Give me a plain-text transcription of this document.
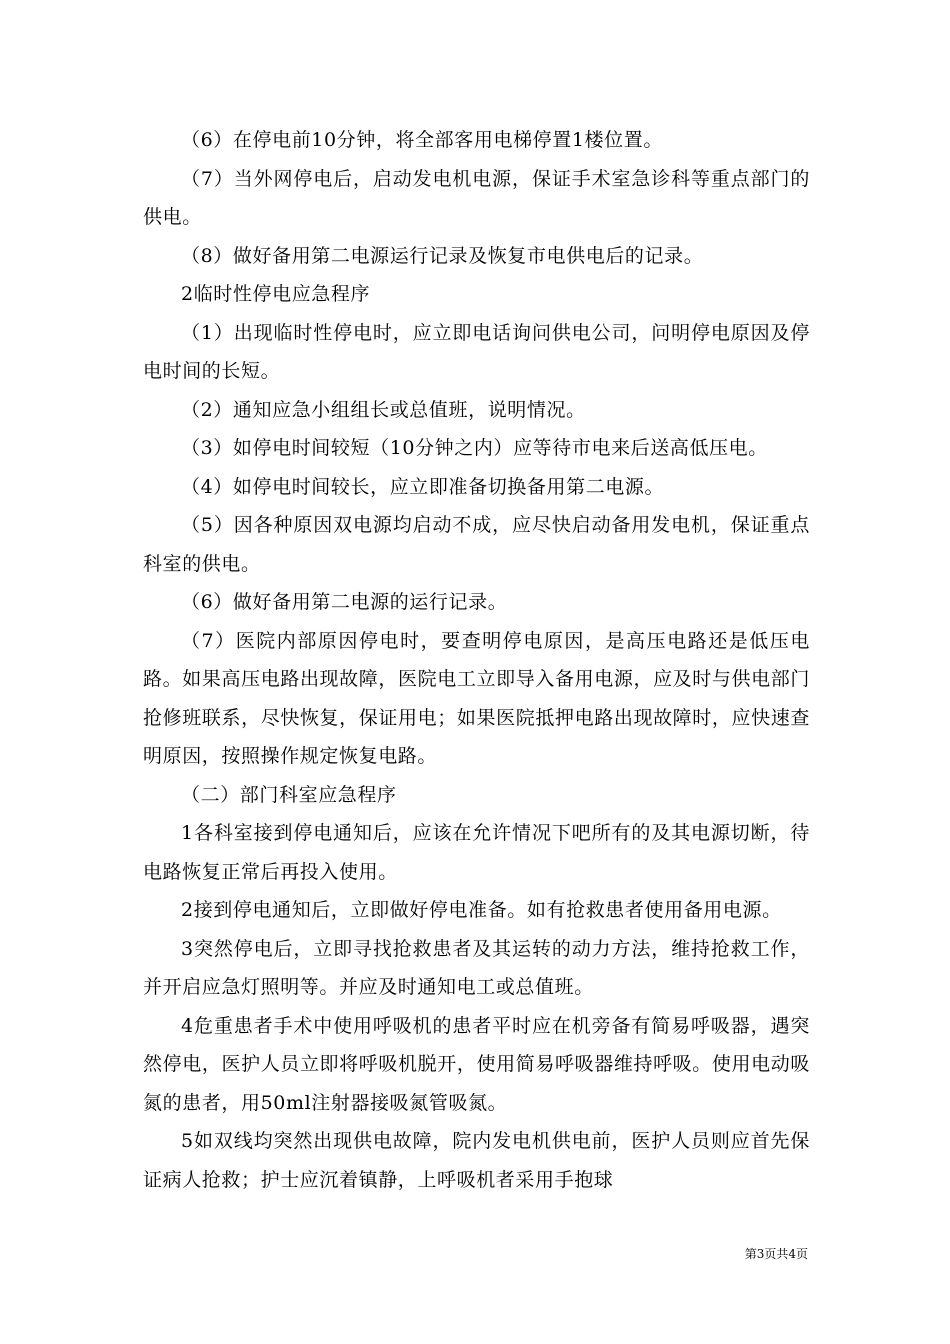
（6）在停电前10分钟，将全部客用电梯停置1楼位置。

（7）当外网停电后，启动发电机电源，保证手术室急诊科等重点部门的供电。

（8）做好备用第二电源运行记录及恢复市电供电后的记录。

2临时性停电应急程序

（1）出现临时性停电时，应立即电话询问供电公司，问明停电原因及停电时间的长短。

（2）通知应急小组组长或总值班，说明情况。

（3）如停电时间较短（10分钟之内）应等待市电来后送高低压电。

（4）如停电时间较长，应立即准备切换备用第二电源。

（5）因各种原因双电源均启动不成，应尽快启动备用发电机，保证重点科室的供电。

（6）做好备用第二电源的运行记录。

（7）医院内部原因停电时，要查明停电原因，是高压电路还是低压电路。如果高压电路出现故障，医院电工立即导入备用电源，应及时与供电部门抢修班联系，尽快恢复，保证用电；如果医院抵押电路出现故障时，应快速查明原因，按照操作规定恢复电路。

（二）部门科室应急程序

1各科室接到停电通知后，应该在允许情况下吧所有的及其电源切断，待电路恢复正常后再投入使用。

2接到停电通知后，立即做好停电准备。如有抢救患者使用备用电源。

3突然停电后，立即寻找抢救患者及其运转的动力方法，维持抢救工作，并开启应急灯照明等。并应及时通知电工或总值班。

4危重患者手术中使用呼吸机的患者平时应在机旁备有简易呼吸器，遇突然停电，医护人员立即将呼吸机脱开，使用简易呼吸器维持呼吸。使用电动吸氮的患者，用50ml注射器接吸氮管吸氮。

5如双线均突然出现供电故障，院内发电机供电前，医护人员则应首先保证病人抢救；护士应沉着镇静，上呼吸机者采用手抱球

第3页共4页
